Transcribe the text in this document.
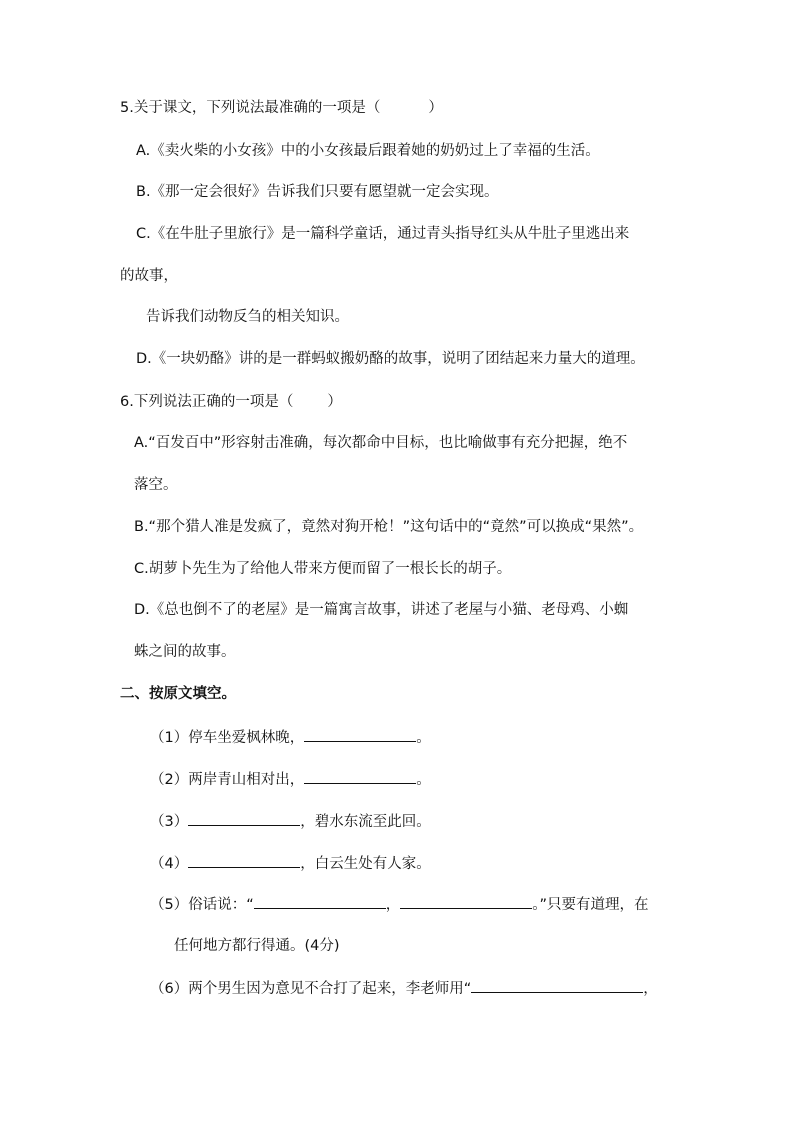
5.关于课文，下列说法最准确的一项是（	）
A.《卖火柴的小女孩》中的小女孩最后跟着她的奶奶过上了幸福的生活。
B.《那一定会很好》告诉我们只要有愿望就一定会实现。
C.《在牛肚子里旅行》是一篇科学童话，通过青头指导红头从牛肚子里逃出来
的故事，
告诉我们动物反刍的相关知识。
D.《一块奶酪》讲的是一群蚂蚁搬奶酪的故事，说明了团结起来力量大的道理。
6.下列说法正确的一项是（ ）
A.“百发百中”形容射击准确，每次都命中目标，也比喻做事有充分把握，绝不
落空。
B.“那个猎人准是发疯了，竟然对狗开枪！”这句话中的“竟然”可以换成“果然”。
C.胡萝卜先生为了给他人带来方便而留了一根长长的胡子。
D.《总也倒不了的老屋》是一篇寓言故事，讲述了老屋与小猫、老母鸡、小蜘
蛛之间的故事。
二、按原文填空。
（1）停车坐爱枫林晚，	。
（2）两岸青山相对出，	。
（3）	，碧水东流至此回。
（4）	，白云生处有人家。
（5）俗话说：“	，	。”只要有道理，在
任何地方都行得通。(4分)
（6）两个男生因为意见不合打了起来，李老师用“	，
